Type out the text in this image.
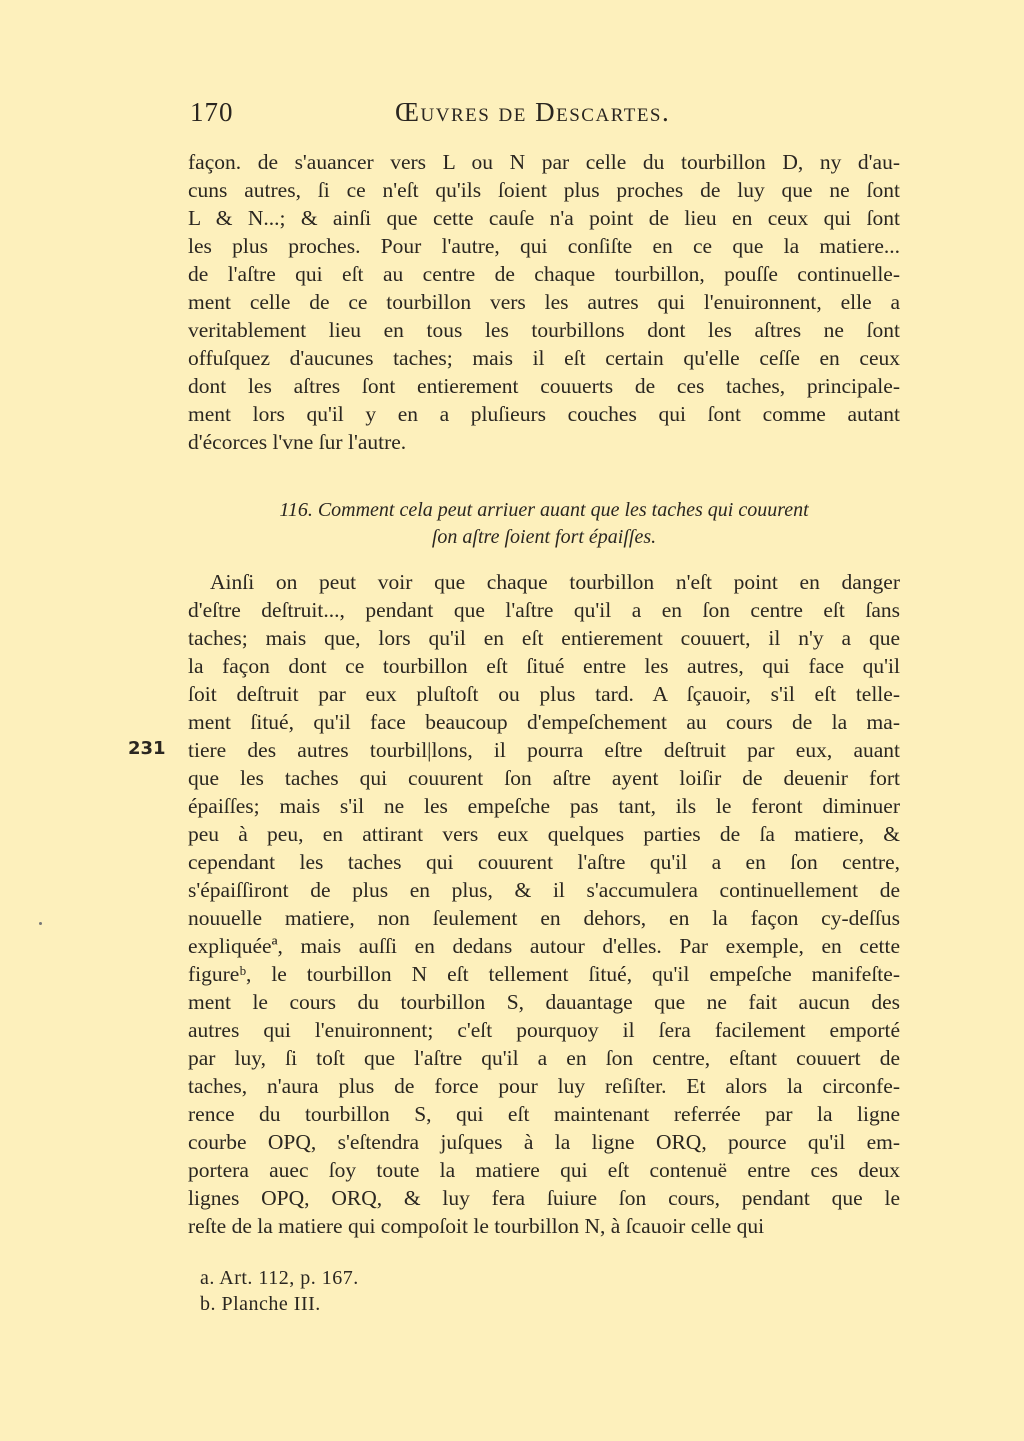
170	Œuvres de Descartes.
façon. de s'auancer vers L ou N par celle du tourbillon D, ny d'au-
cuns autres, ſi ce n'eſt qu'ils ſoient plus proches de luy que ne ſont
L & N...; & ainſi que cette cauſe n'a point de lieu en ceux qui ſont
les plus proches. Pour l'autre, qui conſiſte en ce que la matiere...
de l'aſtre qui eſt au centre de chaque tourbillon, pouſſe continuelle-
ment celle de ce tourbillon vers les autres qui l'enuironnent, elle a
veritablement lieu en tous les tourbillons dont les aſtres ne ſont
offuſquez d'aucunes taches; mais il eſt certain qu'elle ceſſe en ceux
dont les aſtres ſont entierement couuerts de ces taches, principale-
ment lors qu'il y en a pluſieurs couches qui ſont comme autant
d'écorces l'vne ſur l'autre.
116. Comment cela peut arriuer auant que les taches qui couurent
ſon aſtre ſoient fort épaiſſes.
231
Ainſi on peut voir que chaque tourbillon n'eſt point en danger
d'eſtre deſtruit..., pendant que l'aſtre qu'il a en ſon centre eſt ſans
taches; mais que, lors qu'il en eſt entierement couuert, il n'y a que
la façon dont ce tourbillon eſt ſitué entre les autres, qui face qu'il
ſoit deſtruit par eux pluſtoſt ou plus tard. A ſçauoir, s'il eſt telle-
ment ſitué, qu'il face beaucoup d'empeſchement au cours de la ma-
tiere des autres tourbil|lons, il pourra eſtre deſtruit par eux, auant
que les taches qui couurent ſon aſtre ayent loiſir de deuenir fort
épaiſſes; mais s'il ne les empeſche pas tant, ils le feront diminuer
peu à peu, en attirant vers eux quelques parties de ſa matiere, &
cependant les taches qui couurent l'aſtre qu'il a en ſon centre,
s'épaiſſiront de plus en plus, & il s'accumulera continuellement de
nouuelle matiere, non ſeulement en dehors, en la façon cy-deſſus
expliquéeª, mais auſſi en dedans autour d'elles. Par exemple, en cette
figureᵇ, le tourbillon N eſt tellement ſitué, qu'il empeſche manifeſte-
ment le cours du tourbillon S, dauantage que ne fait aucun des
autres qui l'enuironnent; c'eſt pourquoy il ſera facilement emporté
par luy, ſi toſt que l'aſtre qu'il a en ſon centre, eſtant couuert de
taches, n'aura plus de force pour luy reſiſter. Et alors la circonfe-
rence du tourbillon S, qui eſt maintenant referrée par la ligne
courbe OPQ, s'eſtendra juſques à la ligne ORQ, pource qu'il em-
portera auec ſoy toute la matiere qui eſt contenuë entre ces deux
lignes OPQ, ORQ, & luy fera ſuiure ſon cours, pendant que le
reſte de la matiere qui compoſoit le tourbillon N, à ſcauoir celle qui
a. Art. 112, p. 167.
b. Planche III.
